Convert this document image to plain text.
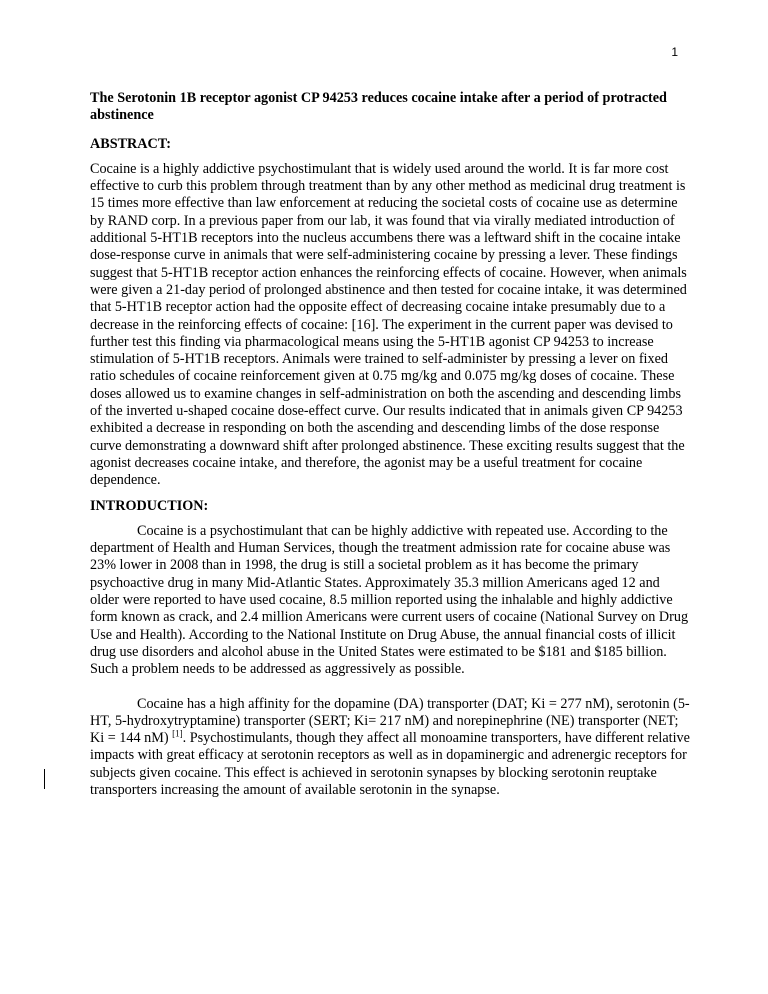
1

The Serotonin 1B receptor agonist CP 94253 reduces cocaine intake after a period of protracted abstinence

ABSTRACT:

Cocaine is a highly addictive psychostimulant that is widely used around the world. It is far more cost effective to curb this problem through treatment than by any other method as medicinal drug treatment is 15 times more effective than law enforcement at reducing the societal costs of cocaine use as determine by RAND corp. In a previous paper from our lab, it was found that via virally mediated introduction of additional 5-HT1B receptors into the nucleus accumbens there was a leftward shift in the cocaine intake dose-response curve in animals that were self-administering cocaine by pressing a lever. These findings suggest that 5-HT1B receptor action enhances the reinforcing effects of cocaine. However, when animals were given a 21-day period of prolonged abstinence and then tested for cocaine intake, it was determined that 5-HT1B receptor action had the opposite effect of decreasing cocaine intake presumably due to a decrease in the reinforcing effects of cocaine: [16]. The experiment in the current paper was devised to further test this finding via pharmacological means using the 5-HT1B agonist CP 94253 to increase stimulation of 5-HT1B receptors. Animals were trained to self-administer by pressing a lever on fixed ratio schedules of cocaine reinforcement given at 0.75 mg/kg and 0.075 mg/kg doses of cocaine. These doses allowed us to examine changes in self-administration on both the ascending and descending limbs of the inverted u-shaped cocaine dose-effect curve. Our results indicated that in animals given CP 94253 exhibited a decrease in responding on both the ascending and descending limbs of the dose response curve demonstrating a downward shift after prolonged abstinence. These exciting results suggest that the agonist decreases cocaine intake, and therefore, the agonist may be a useful treatment for cocaine dependence.

INTRODUCTION:

Cocaine is a psychostimulant that can be highly addictive with repeated use. According to the department of Health and Human Services, though the treatment admission rate for cocaine abuse was 23% lower in 2008 than in 1998, the drug is still a societal problem as it has become the primary psychoactive drug in many Mid-Atlantic States. Approximately 35.3 million Americans aged 12 and older were reported to have used cocaine, 8.5 million reported using the inhalable and highly addictive form known as crack, and 2.4 million Americans were current users of cocaine (National Survey on Drug Use and Health). According to the National Institute on Drug Abuse, the annual financial costs of illicit drug use disorders and alcohol abuse in the United States were estimated to be $181 and $185 billion. Such a problem needs to be addressed as aggressively as possible.

Cocaine has a high affinity for the dopamine (DA) transporter (DAT; Ki = 277 nM), serotonin (5-HT, 5-hydroxytryptamine) transporter (SERT; Ki= 217 nM) and norepinephrine (NE) transporter (NET; Ki = 144 nM) [1]. Psychostimulants, though they affect all monoamine transporters, have different relative impacts with great efficacy at serotonin receptors as well as in dopaminergic and adrenergic receptors for subjects given cocaine. This effect is achieved in serotonin synapses by blocking serotonin reuptake transporters increasing the amount of available serotonin in the synapse.
